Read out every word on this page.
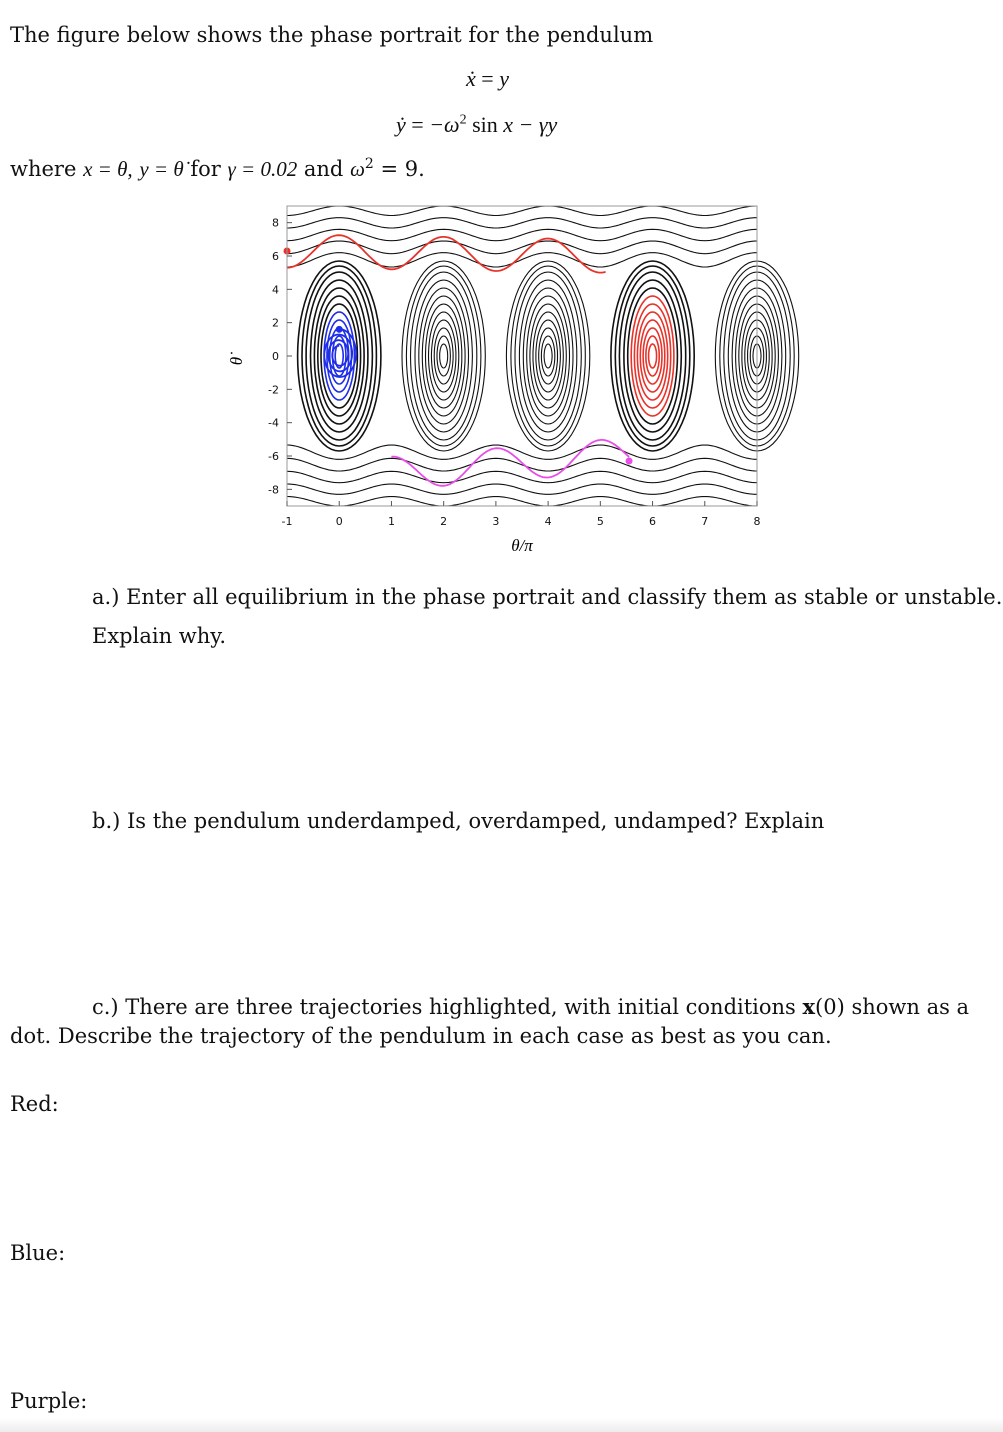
The figure below shows the phase portrait for the pendulum
ẋ = y
ẏ = $-\omega^2$ sin x − γy
where x = θ, y = θ̇ for γ = 0.02 and $\omega^2 = 9$.
-1	0	1	2	3	4	5	6	7	8
8
6
4
2
0
-2
-4
-6
-8
θ/π
θ̇
a.) Enter all equilibrium in the phase portrait and classify them as stable or unstable.
Explain why.
b.) Is the pendulum underdamped, overdamped, undamped? Explain
c.) There are three trajectories highlighted, with initial conditions x(0) shown as a
dot. Describe the trajectory of the pendulum in each case as best as you can.
Red:
Blue:
Purple:
